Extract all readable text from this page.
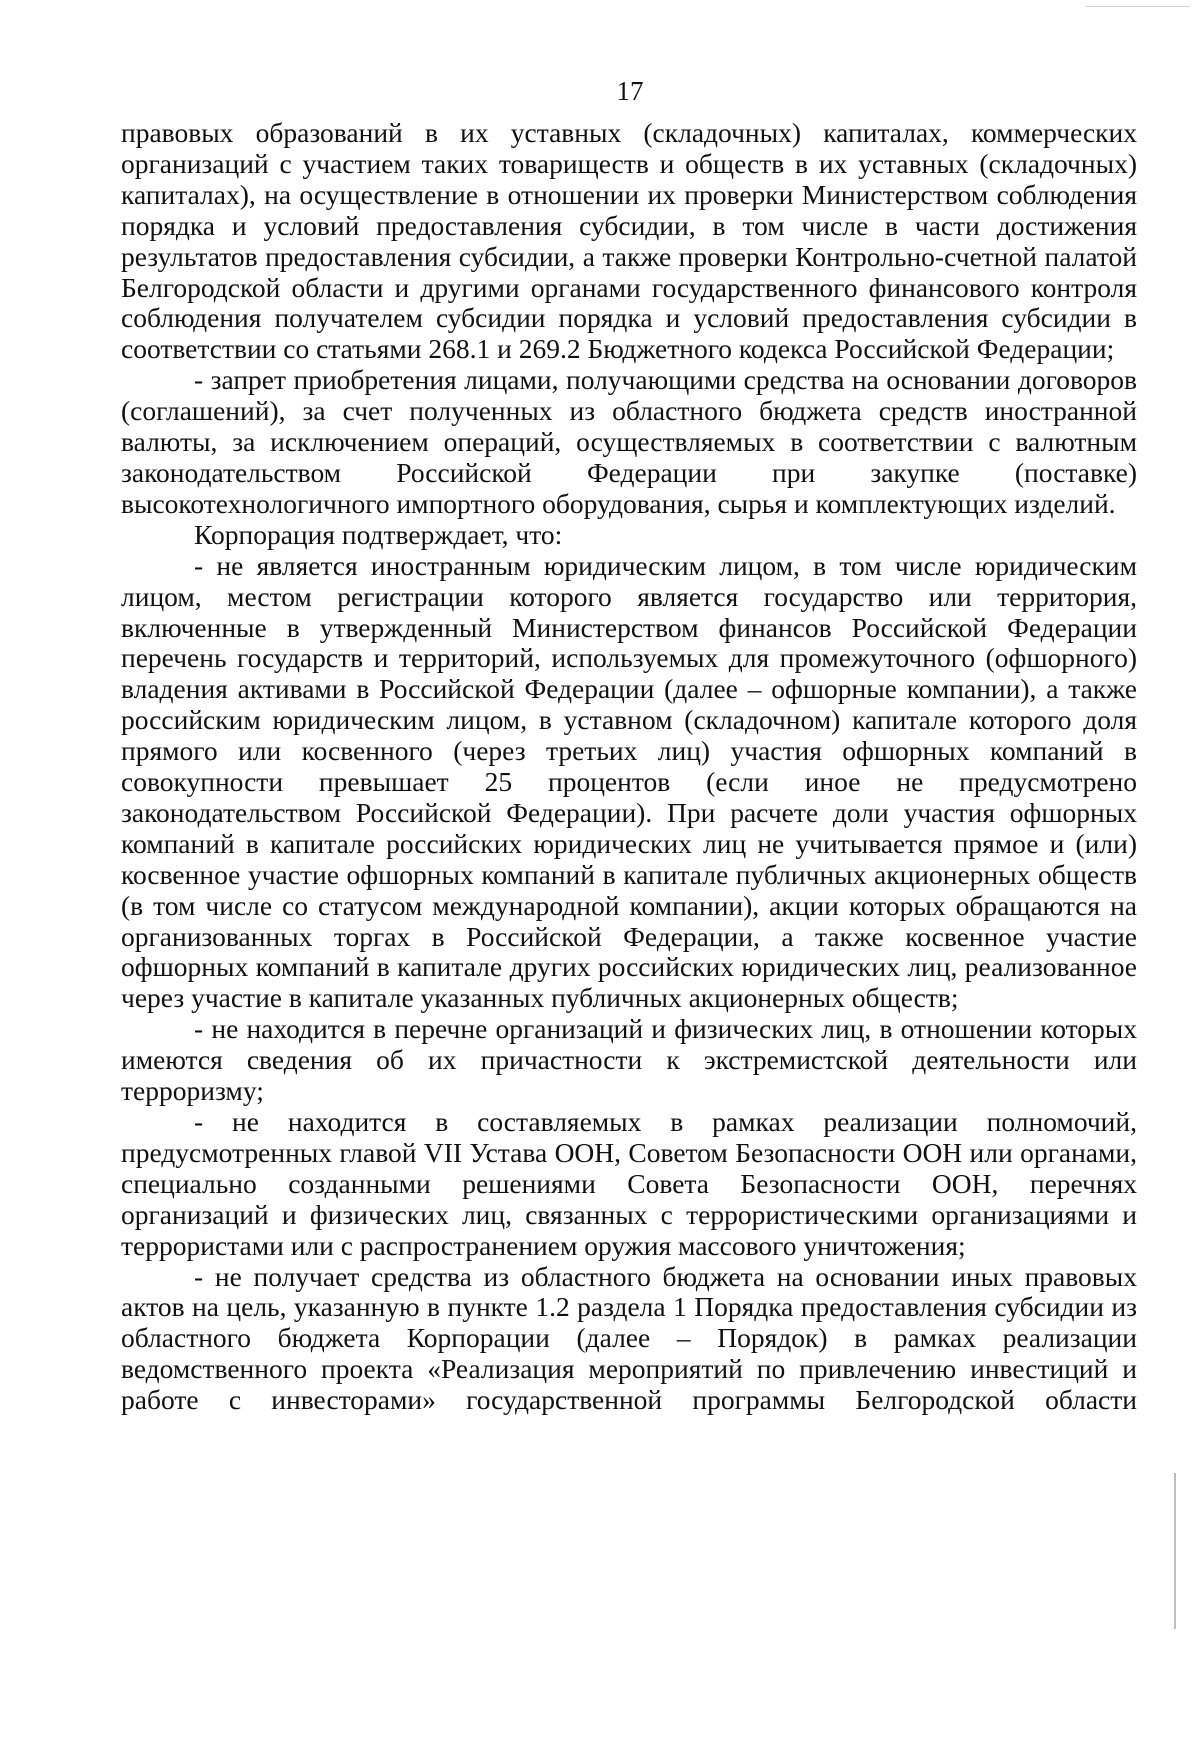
17

правовых образований в их уставных (складочных) капиталах, коммерческих организаций с участием таких товариществ и обществ в их уставных (складочных) капиталах), на осуществление в отношении их проверки Министерством соблюдения порядка и условий предоставления субсидии, в том числе в части достижения результатов предоставления субсидии, а также проверки Контрольно-счетной палатой Белгородской области и другими органами государственного финансового контроля соблюдения получателем субсидии порядка и условий предоставления субсидии в соответствии со статьями 268.1 и 269.2 Бюджетного кодекса Российской Федерации;

- запрет приобретения лицами, получающими средства на основании договоров (соглашений), за счет полученных из областного бюджета средств иностранной валюты, за исключением операций, осуществляемых в соответствии с валютным законодательством Российской Федерации при закупке (поставке) высокотехнологичного импортного оборудования, сырья и комплектующих изделий.

Корпорация подтверждает, что:

- не является иностранным юридическим лицом, в том числе юридическим лицом, местом регистрации которого является государство или территория, включенные в утвержденный Министерством финансов Российской Федерации перечень государств и территорий, используемых для промежуточного (офшорного) владения активами в Российской Федерации (далее – офшорные компании), а также российским юридическим лицом, в уставном (складочном) капитале которого доля прямого или косвенного (через третьих лиц) участия офшорных компаний в совокупности превышает 25 процентов (если иное не предусмотрено законодательством Российской Федерации). При расчете доли участия офшорных компаний в капитале российских юридических лиц не учитывается прямое и (или) косвенное участие офшорных компаний в капитале публичных акционерных обществ (в том числе со статусом международной компании), акции которых обращаются на организованных торгах в Российской Федерации, а также косвенное участие офшорных компаний в капитале других российских юридических лиц, реализованное через участие в капитале указанных публичных акционерных обществ;

- не находится в перечне организаций и физических лиц, в отношении которых имеются сведения об их причастности к экстремистской деятельности или терроризму;

- не находится в составляемых в рамках реализации полномочий, предусмотренных главой VII Устава ООН, Советом Безопасности ООН или органами, специально созданными решениями Совета Безопасности ООН, перечнях организаций и физических лиц, связанных с террористическими организациями и террористами или с распространением оружия массового уничтожения;

- не получает средства из областного бюджета на основании иных правовых актов на цель, указанную в пункте 1.2 раздела 1 Порядка предоставления субсидии из областного бюджета Корпорации (далее – Порядок) в рамках реализации ведомственного проекта «Реализация мероприятий по привлечению инвестиций и работе с инвесторами» государственной программы Белгородской области
